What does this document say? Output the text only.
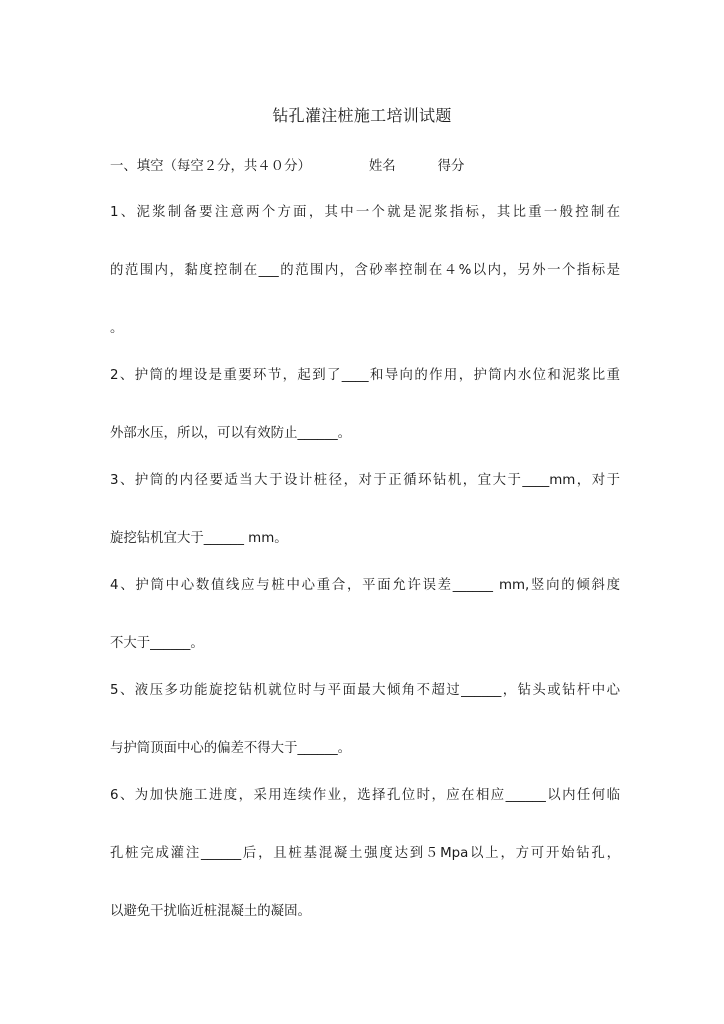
钻孔灌注桩施工培训试题
一、填空（每空２分，共４０分）	姓名	得分
1、泥浆制备要注意两个方面，其中一个就是泥浆指标，其比重一般控制在
的范围内，黏度控制在___的范围内，含砂率控制在４%以内，另外一个指标是
。
2、护筒的埋设是重要环节，起到了____和导向的作用，护筒内水位和泥浆比重
外部水压，所以，可以有效防止______。
3、护筒的内径要适当大于设计桩径，对于正循环钻机，宜大于____mm，对于
旋挖钻机宜大于______ mm。
4、护筒中心数值线应与桩中心重合，平面允许误差______ mm,竖向的倾斜度
不大于______。
5、液压多功能旋挖钻机就位时与平面最大倾角不超过______，钻头或钻杆中心
与护筒顶面中心的偏差不得大于______。
6、为加快施工进度，采用连续作业，选择孔位时，应在相应______以内任何临
孔桩完成灌注______后，且桩基混凝土强度达到５Mpa以上，方可开始钻孔，
以避免干扰临近桩混凝土的凝固。
